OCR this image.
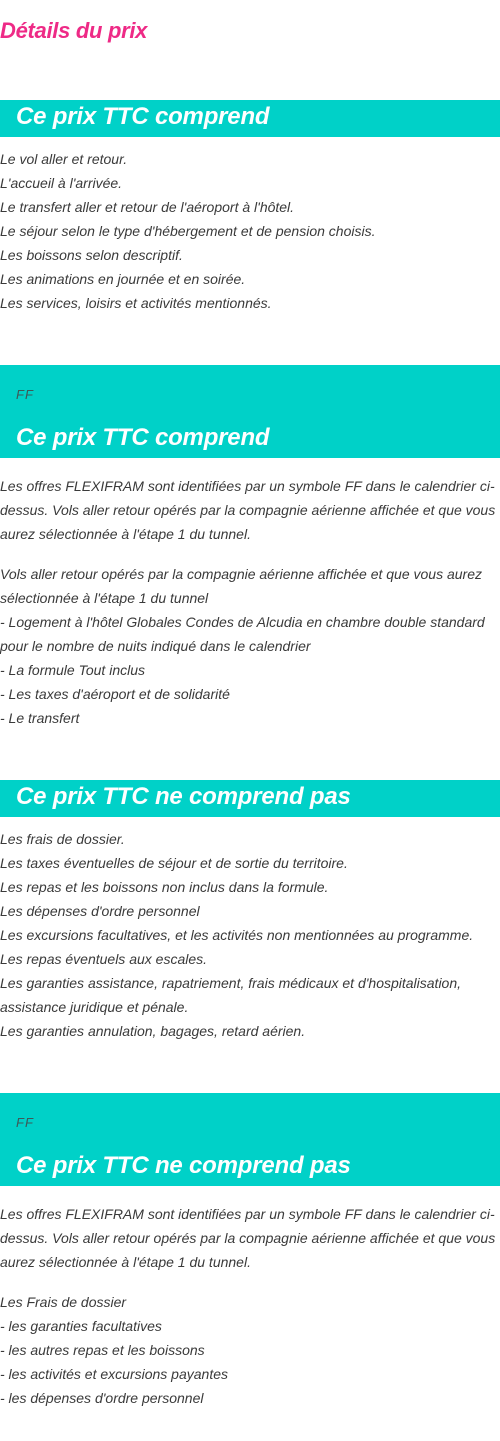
Détails du prix
Ce prix TTC comprend
Le vol aller et retour.
L'accueil à l'arrivée.
Le transfert aller et retour de l'aéroport à l'hôtel.
Le séjour selon le type d'hébergement et de pension choisis.
Les boissons selon descriptif.
Les animations en journée et en soirée.
Les services, loisirs et activités mentionnés.
FF
Ce prix TTC comprend

Les offres FLEXIFRAM sont identifiées par un symbole FF dans le calendrier ci-dessus. Vols aller retour opérés par la compagnie aérienne affichée et que vous aurez sélectionnée à l'étape 1 du tunnel.

Vols aller retour opérés par la compagnie aérienne affichée et que vous aurez sélectionnée à l'étape 1 du tunnel
- Logement à l'hôtel Globales Condes de Alcudia en chambre double standard pour le nombre de nuits indiqué dans le calendrier
- La formule Tout inclus
- Les taxes d'aéroport et de solidarité
- Le transfert
Ce prix TTC ne comprend pas
Les frais de dossier.
Les taxes éventuelles de séjour et de sortie du territoire.
Les repas et les boissons non inclus dans la formule.
Les dépenses d'ordre personnel
Les excursions facultatives, et les activités non mentionnées au programme.
Les repas éventuels aux escales.
Les garanties assistance, rapatriement, frais médicaux et d'hospitalisation, assistance juridique et pénale.
Les garanties annulation, bagages, retard aérien.
FF
Ce prix TTC ne comprend pas

Les offres FLEXIFRAM sont identifiées par un symbole FF dans le calendrier ci-dessus. Vols aller retour opérés par la compagnie aérienne affichée et que vous aurez sélectionnée à l'étape 1 du tunnel.

Les Frais de dossier
- les garanties facultatives
- les autres repas et les boissons
- les activités et excursions payantes
- les dépenses d'ordre personnel
